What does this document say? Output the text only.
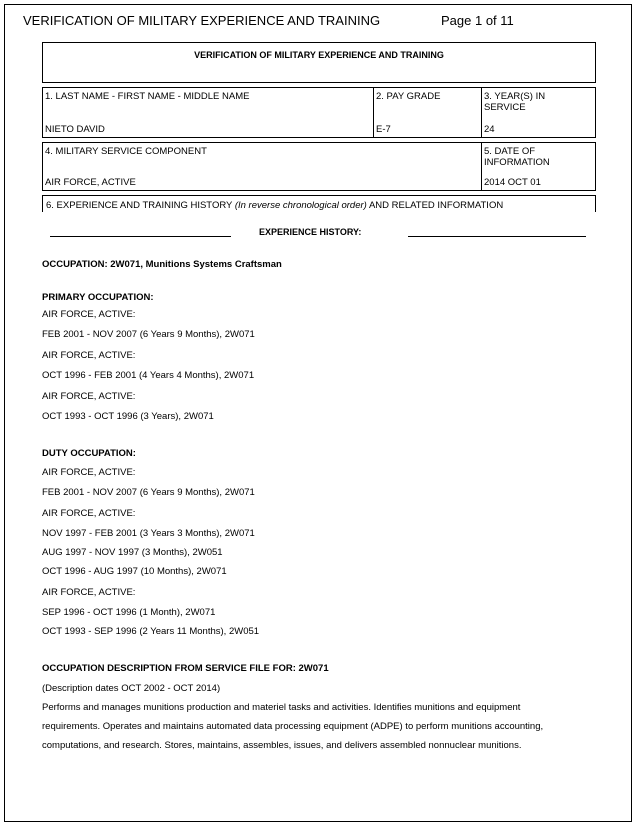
VERIFICATION OF MILITARY EXPERIENCE AND TRAINING	Page 1 of 11
VERIFICATION OF MILITARY EXPERIENCE AND TRAINING
1. LAST NAME - FIRST NAME - MIDDLE NAME
NIETO DAVID
2. PAY GRADE
E-7
3. YEAR(S) IN
SERVICE
24
4. MILITARY SERVICE COMPONENT
AIR FORCE, ACTIVE
5. DATE OF
INFORMATION
2014 OCT 01
6. EXPERIENCE AND TRAINING HISTORY (In reverse chronological order) AND RELATED INFORMATION
EXPERIENCE HISTORY:
OCCUPATION: 2W071, Munitions Systems Craftsman
PRIMARY OCCUPATION:
AIR FORCE, ACTIVE:
FEB 2001 - NOV 2007 (6 Years 9 Months), 2W071
AIR FORCE, ACTIVE:
OCT 1996 - FEB 2001 (4 Years 4 Months), 2W071
AIR FORCE, ACTIVE:
OCT 1993 - OCT 1996 (3 Years), 2W071
DUTY OCCUPATION:
AIR FORCE, ACTIVE:
FEB 2001 - NOV 2007 (6 Years 9 Months), 2W071
AIR FORCE, ACTIVE:
NOV 1997 - FEB 2001 (3 Years 3 Months), 2W071
AUG 1997 - NOV 1997 (3 Months), 2W051
OCT 1996 - AUG 1997 (10 Months), 2W071
AIR FORCE, ACTIVE:
SEP 1996 - OCT 1996 (1 Month), 2W071
OCT 1993 - SEP 1996 (2 Years 11 Months), 2W051
OCCUPATION DESCRIPTION FROM SERVICE FILE FOR: 2W071
(Description dates OCT 2002 - OCT 2014)
Performs and manages munitions production and materiel tasks and activities. Identifies munitions and equipment
requirements. Operates and maintains automated data processing equipment (ADPE) to perform munitions accounting,
computations, and research. Stores, maintains, assembles, issues, and delivers assembled nonnuclear munitions.
